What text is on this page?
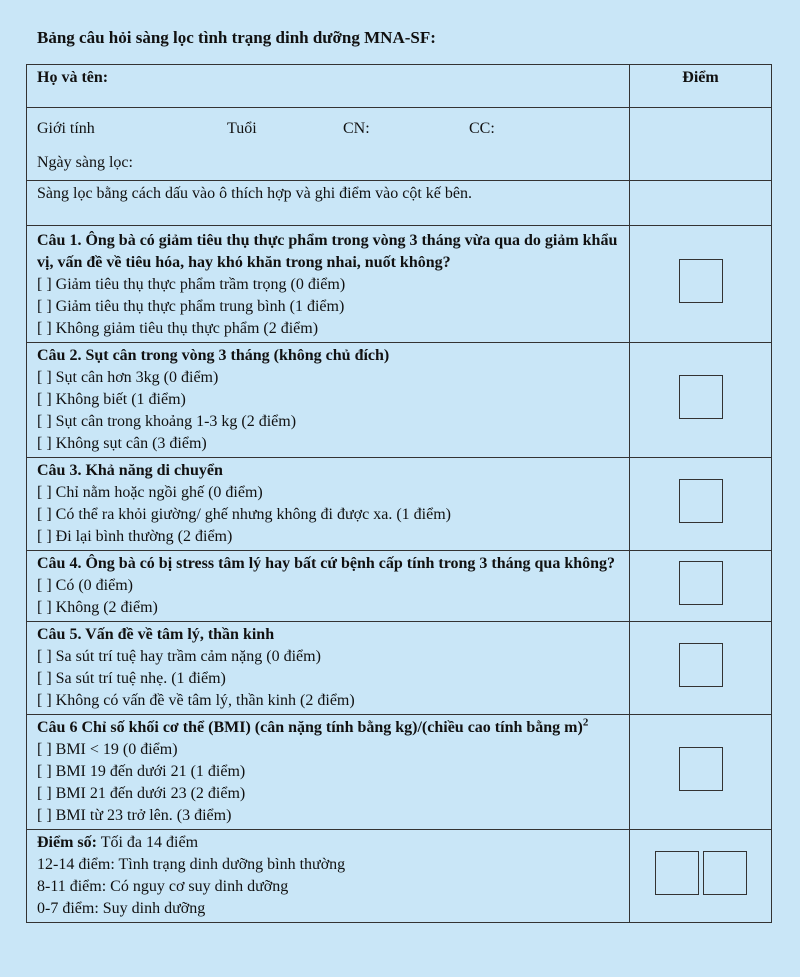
Bảng câu hỏi sàng lọc tình trạng dinh dưỡng MNA-SF:
Họ và tên:	Điểm

Giới tính Tuổi CN: CC:
Ngày sàng lọc:	

Sàng lọc bằng cách dấu vào ô thích hợp và ghi điểm vào cột kế bên.	

Câu 1. Ông bà có giảm tiêu thụ thực phẩm trong vòng 3 tháng vừa qua do giảm khẩu vị, vấn đề về tiêu hóa, hay khó khăn trong nhai, nuốt không?
[ ] Giảm tiêu thụ thực phẩm trầm trọng (0 điểm)
[ ] Giảm tiêu thụ thực phẩm trung bình (1 điểm)
[ ] Không giảm tiêu thụ thực phẩm (2 điểm)	

Câu 2. Sụt cân trong vòng 3 tháng (không chủ đích)
[ ] Sụt cân hơn 3kg (0 điểm)
[ ] Không biết (1 điểm)
[ ] Sụt cân trong khoảng 1-3 kg (2 điểm)
[ ] Không sụt cân (3 điểm)	

Câu 3. Khả năng di chuyển
[ ] Chỉ nằm hoặc ngồi ghế (0 điểm)
[ ] Có thể ra khỏi giường/ ghế nhưng không đi được xa. (1 điểm)
[ ] Đi lại bình thường (2 điểm)	

Câu 4. Ông bà có bị stress tâm lý hay bất cứ bệnh cấp tính trong 3 tháng qua không?
[ ] Có (0 điểm)
[ ] Không (2 điểm)	

Câu 5. Vấn đề về tâm lý, thần kinh
[ ] Sa sút trí tuệ hay trầm cảm nặng (0 điểm)
[ ] Sa sút trí tuệ nhẹ. (1 điểm)
[ ] Không có vấn đề về tâm lý, thần kinh (2 điểm)	

Câu 6 Chỉ số khối cơ thể (BMI) (cân nặng tính bằng kg)/(chiều cao tính bằng m)$^2$
[ ] BMI < 19 (0 điểm)
[ ] BMI 19 đến dưới 21 (1 điểm)
[ ] BMI 21 đến dưới 23 (2 điểm)
[ ] BMI từ 23 trở lên. (3 điểm)	

Điểm số: Tối đa 14 điểm
12-14 điểm: Tình trạng dinh dưỡng bình thường
8-11 điểm: Có nguy cơ suy dinh dưỡng
0-7 điểm: Suy dinh dưỡng	
